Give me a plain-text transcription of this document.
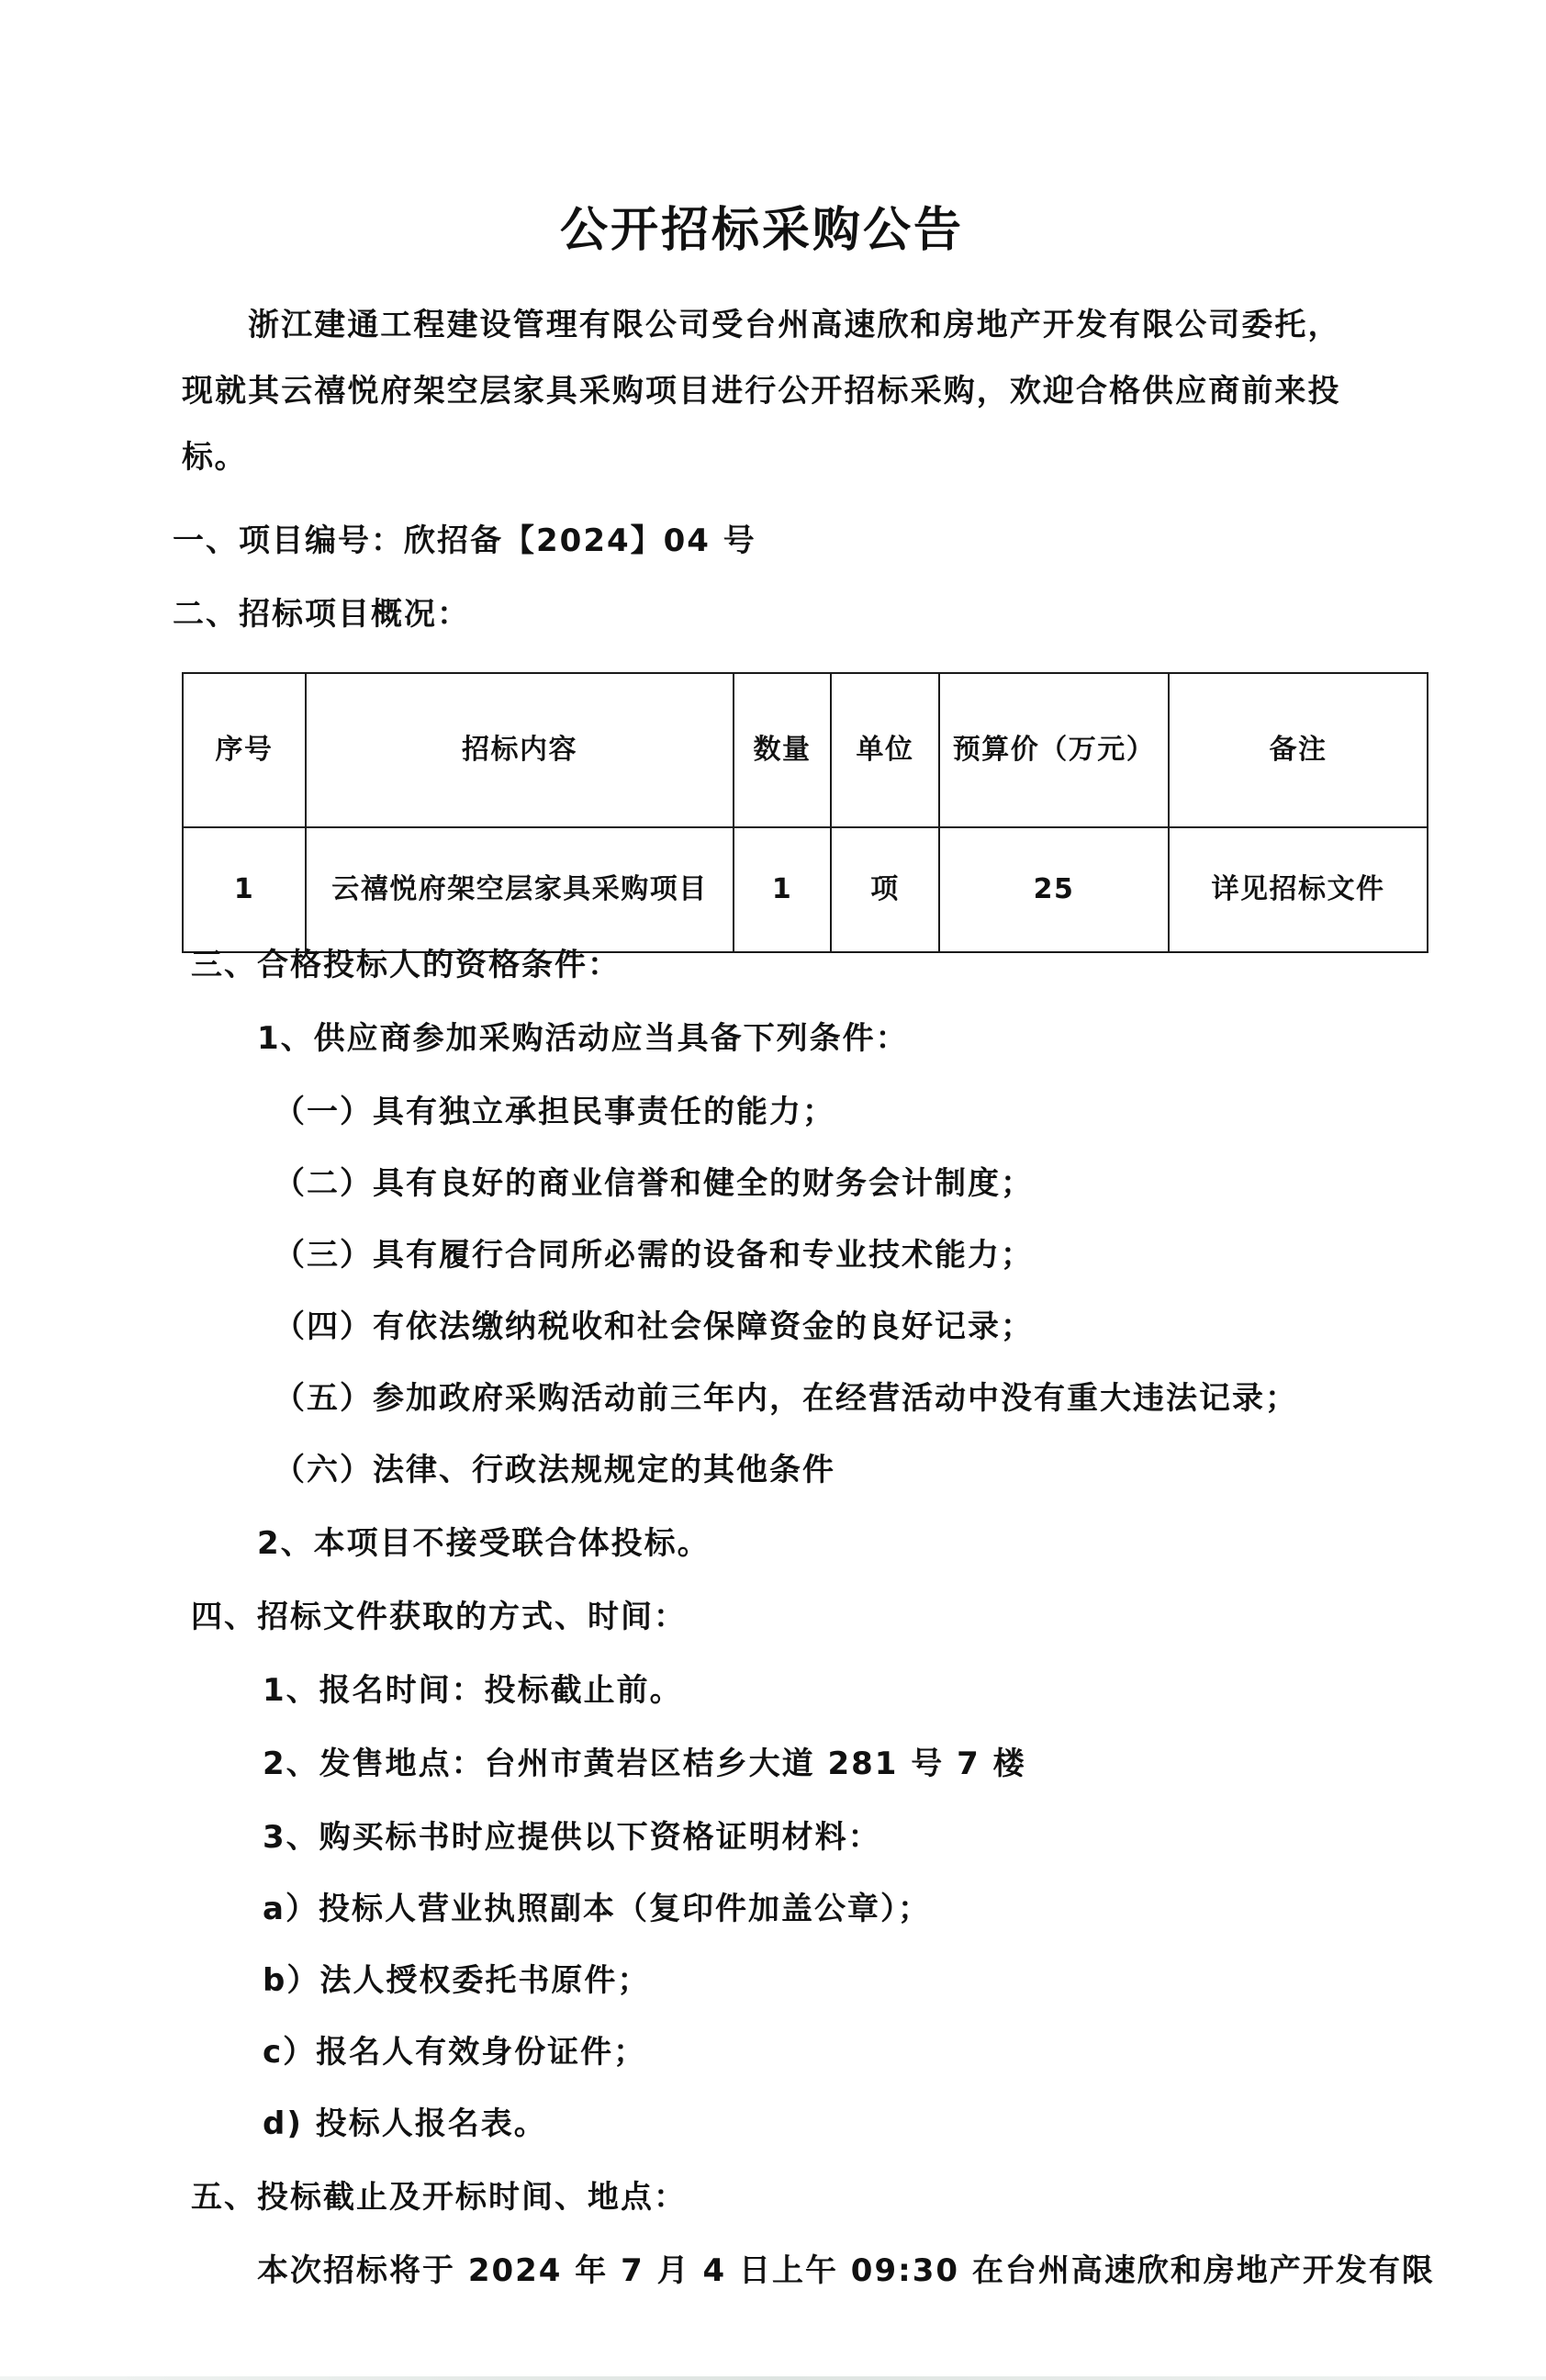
公开招标采购公告
浙江建通工程建设管理有限公司受台州高速欣和房地产开发有限公司委托，现就其云禧悦府架空层家具采购项目进行公开招标采购，欢迎合格供应商前来投标。
一、项目编号：欣招备【2024】04 号
二、招标项目概况：
序号	招标内容	数量	单位	预算价（万元）	备注
1	云禧悦府架空层家具采购项目	1	项	25	详见招标文件
三、合格投标人的资格条件：
1、供应商参加采购活动应当具备下列条件：
（一）具有独立承担民事责任的能力；
（二）具有良好的商业信誉和健全的财务会计制度；
（三）具有履行合同所必需的设备和专业技术能力；
（四）有依法缴纳税收和社会保障资金的良好记录；
（五）参加政府采购活动前三年内，在经营活动中没有重大违法记录；
（六）法律、行政法规规定的其他条件
2、本项目不接受联合体投标。
四、招标文件获取的方式、时间：
1、报名时间：投标截止前。
2、发售地点：台州市黄岩区桔乡大道 281 号 7 楼
3、购买标书时应提供以下资格证明材料：
a）投标人营业执照副本（复印件加盖公章）；
b）法人授权委托书原件；
c）报名人有效身份证件；
d) 投标人报名表。
五、投标截止及开标时间、地点：
本次招标将于 2024 年 7 月 4 日上午 09:30 在台州高速欣和房地产开发有限
